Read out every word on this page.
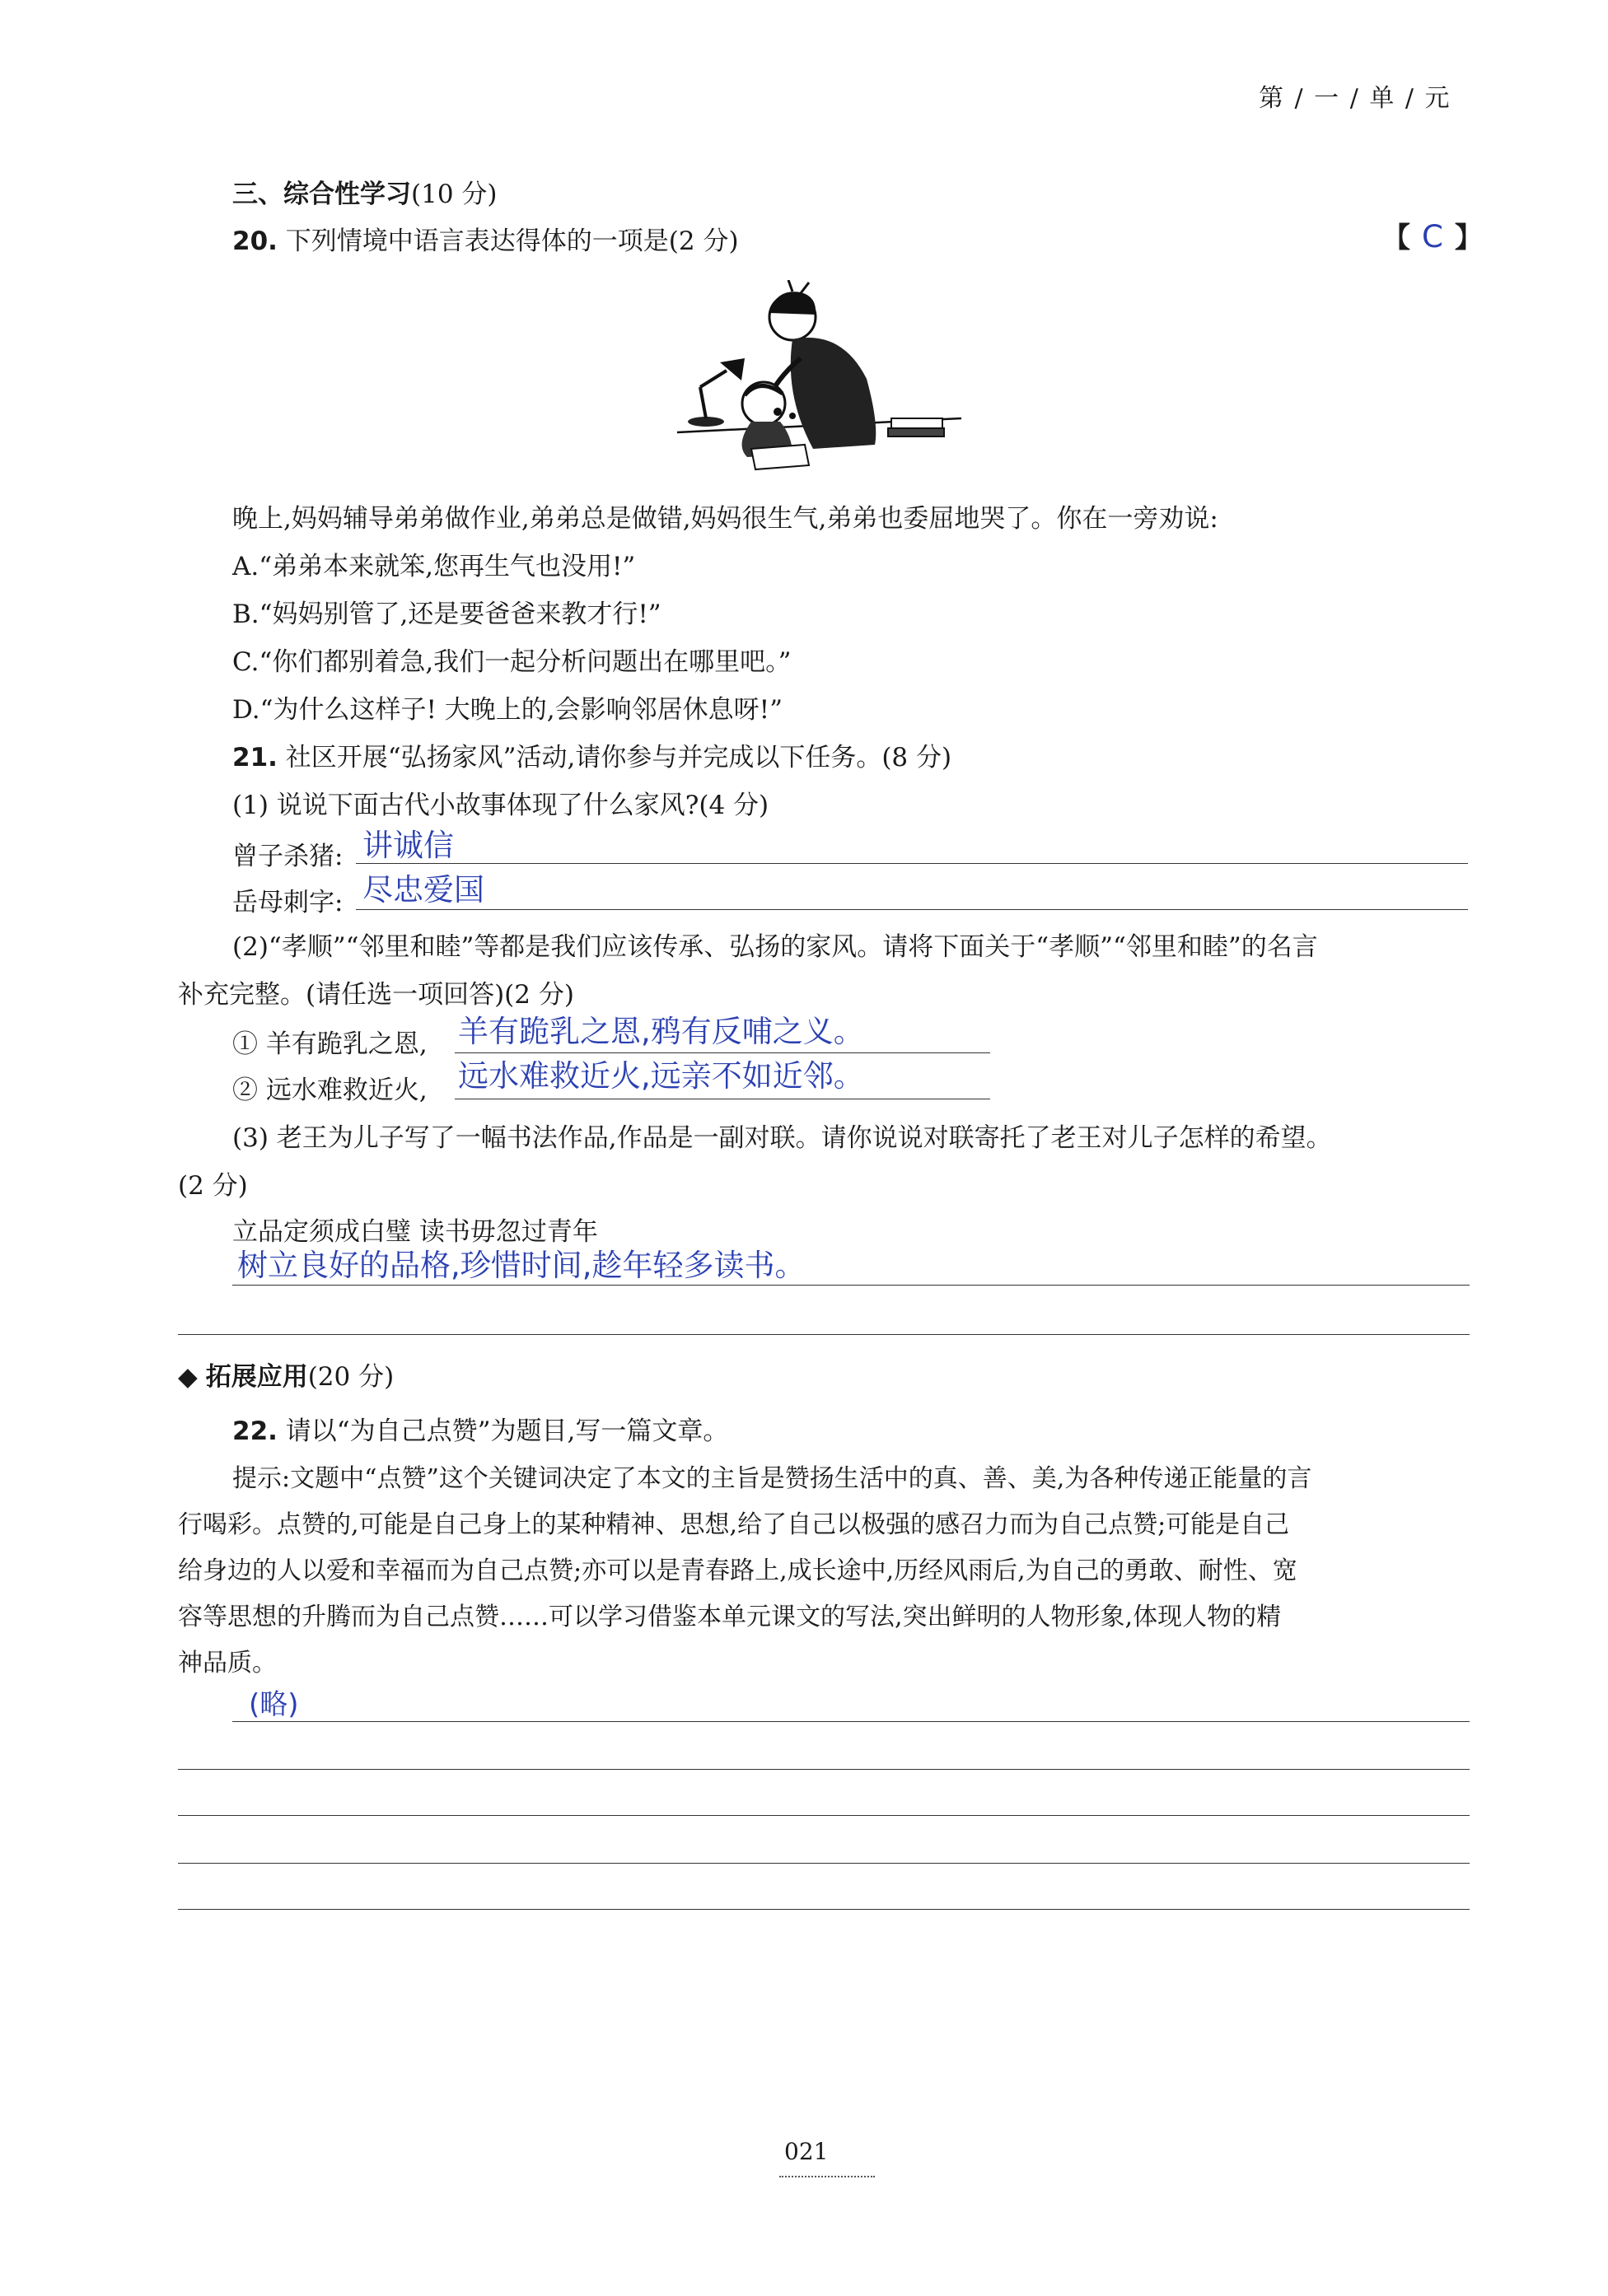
第 / 一 / 单 / 元
三、综合性学习(10 分)
20. 下列情境中语言表达得体的一项是(2 分)	【 C 】
晚上,妈妈辅导弟弟做作业,弟弟总是做错,妈妈很生气,弟弟也委屈地哭了。你在一旁劝说:
A.“弟弟本来就笨,您再生气也没用!”
B.“妈妈别管了,还是要爸爸来教才行!”
C.“你们都别着急,我们一起分析问题出在哪里吧。”
D.“为什么这样子! 大晚上的,会影响邻居休息呀!”
21. 社区开展“弘扬家风”活动,请你参与并完成以下任务。(8 分)
(1) 说说下面古代小故事体现了什么家风?(4 分)
曾子杀猪: 讲诚信
岳母刺字: 尽忠爱国
(2)“孝顺”“邻里和睦”等都是我们应该传承、弘扬的家风。请将下面关于“孝顺”“邻里和睦”的名言
补充完整。(请任选一项回答)(2 分)
① 羊有跪乳之恩, 羊有跪乳之恩,鸦有反哺之义。
② 远水难救近火, 远水难救近火,远亲不如近邻。
(3) 老王为儿子写了一幅书法作品,作品是一副对联。请你说说对联寄托了老王对儿子怎样的希望。
(2 分)
立品定须成白璧 读书毋忽过青年
树立良好的品格,珍惜时间,趁年轻多读书。
◆ 拓展应用(20 分)
22. 请以“为自己点赞”为题目,写一篇文章。
提示:文题中“点赞”这个关键词决定了本文的主旨是赞扬生活中的真、善、美,为各种传递正能量的言
行喝彩。点赞的,可能是自己身上的某种精神、思想,给了自己以极强的感召力而为自己点赞;可能是自己
给身边的人以爱和幸福而为自己点赞;亦可以是青春路上,成长途中,历经风雨后,为自己的勇敢、耐性、宽
容等思想的升腾而为自己点赞……可以学习借鉴本单元课文的写法,突出鲜明的人物形象,体现人物的精
神品质。
(略)
021
